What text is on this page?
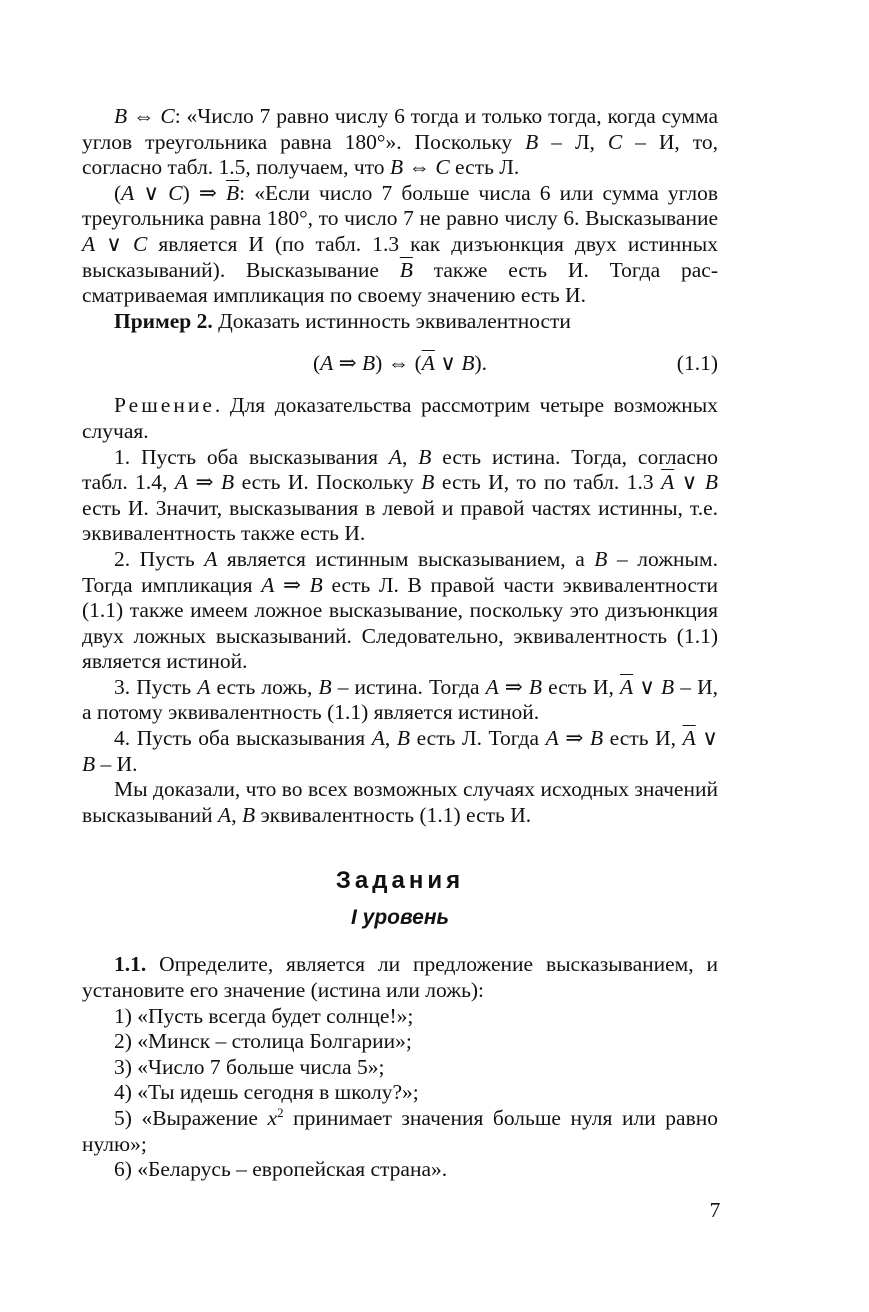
B ⇔ C: «Число 7 равно числу 6 тогда и только тогда, когда сумма углов треугольника равна 180°». Поскольку B – Л, C – И, то, согласно табл. 1.5, получаем, что B ⇔ C есть Л.

(A ∨ C) ⇒ $\overline{B}$: «Если число 7 больше числа 6 или сумма углов треугольника равна 180°, то число 7 не равно числу 6. Высказывание A ∨ C является И (по табл. 1.3 как дизъюнкция двух истинных высказываний). Высказывание $\overline{B}$ также есть И. Тогда рассматриваемая импликация по своему значению есть И.

Пример 2. Доказать истинность эквивалентности

(A ⇒ B) ⇔ ($\overline{A}$ ∨ B).	(1.1)

Решение. Для доказательства рассмотрим четыре возможных случая.

1. Пусть оба высказывания A, B есть истина. Тогда, согласно табл. 1.4, A ⇒ B есть И. Поскольку B есть И, то по табл. 1.3 $\overline{A}$ ∨ B есть И. Значит, высказывания в левой и правой частях истинны, т.е. эквивалентность также есть И.

2. Пусть A является истинным высказыванием, а B – ложным. Тогда импликация A ⇒ B есть Л. В правой части эквивалентности (1.1) также имеем ложное высказывание, поскольку это дизъюнкция двух ложных высказываний. Следовательно, эквивалентность (1.1) является истиной.

3. Пусть A есть ложь, B – истина. Тогда A ⇒ B есть И, $\overline{A}$ ∨ B – И, а потому эквивалентность (1.1) является истиной.

4. Пусть оба высказывания A, B есть Л. Тогда A ⇒ B есть И, $\overline{A}$ ∨ B – И.

Мы доказали, что во всех возможных случаях исходных значений высказываний A, B эквивалентность (1.1) есть И.

Задания
I уровень

1.1. Определите, является ли предложение высказыванием, и установите его значение (истина или ложь):

1) «Пусть всегда будет солнце!»;

2) «Минск – столица Болгарии»;

3) «Число 7 больше числа 5»;

4) «Ты идешь сегодня в школу?»;

5) «Выражение $x^2$ принимает значения больше нуля или равно нулю»;

6) «Беларусь – европейская страна».

7
